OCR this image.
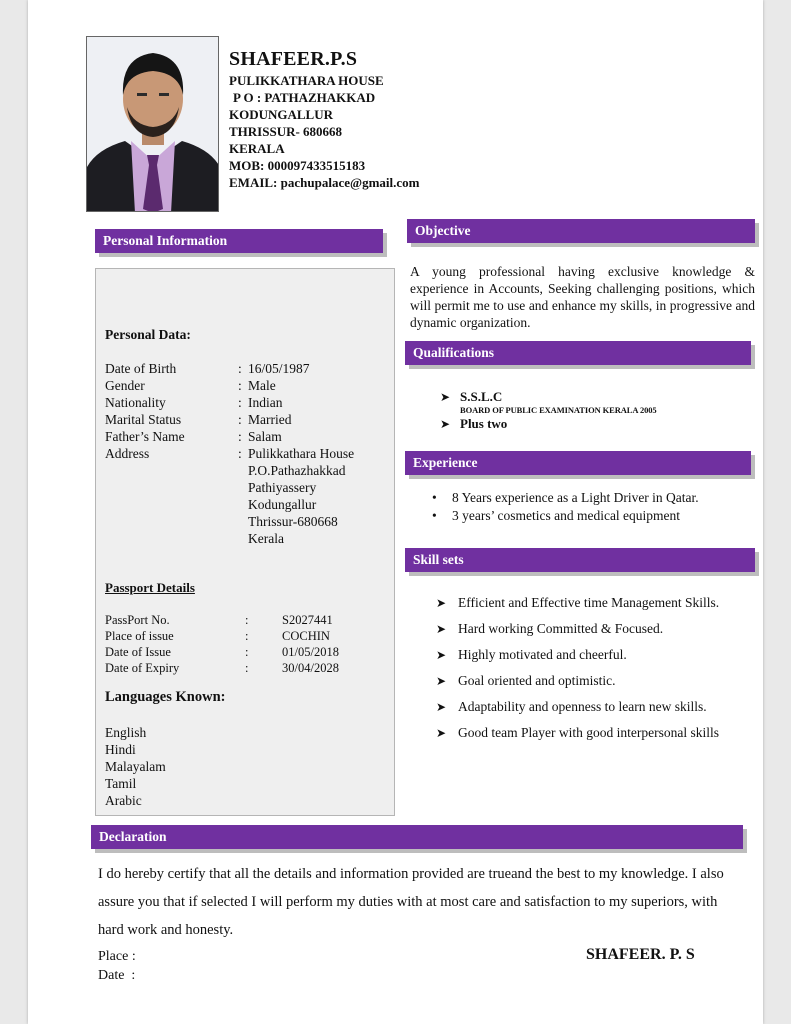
SHAFEER.P.S
PULIKKATHARA HOUSE
P O : PATHAZHAKKAD
KODUNGALLUR
THRISSUR- 680668
KERALA
MOB: 000097433515183
EMAIL: pachupalace@gmail.com
Personal Information
Objective
Qualifications
Experience
Skill sets
Declaration
Personal Data:
Date of Birth	: 16/05/1987
Gender	: Male
Nationality	: Indian
Marital Status	: Married
Father’s Name	: Salam
Address	: Pulikkathara House
P.O.Pathazhakkad
Pathiyassery
Kodungallur
Thrissur-680668
Kerala
Passport Details
PassPort No.	:	S2027441
Place of issue	:	COCHIN
Date of Issue	:	01/05/2018
Date of Expiry	:	30/04/2028
Languages Known:
English
Hindi
Malayalam
Tamil
Arabic
A young professional having exclusive knowledge & experience in Accounts, Seeking challenging positions, which will permit me to use and enhance my skills, in progressive and dynamic organization.
➤ S.S.L.C
BOARD OF PUBLIC EXAMINATION KERALA 2005
➤ Plus two
• 8 Years experience as a Light Driver in Qatar.
• 3 years’ cosmetics and medical equipment
➤ Efficient and Effective time Management Skills.
➤ Hard working Committed & Focused.
➤ Highly motivated and cheerful.
➤ Goal oriented and optimistic.
➤ Adaptability and openness to learn new skills.
➤ Good team Player with good interpersonal skills
I do hereby certify that all the details and information provided are trueand the best to my knowledge. I also assure you that if selected I will perform my duties with at most care and satisfaction to my superiors, with hard work and honesty.
Place :
Date  :
SHAFEER. P. S
